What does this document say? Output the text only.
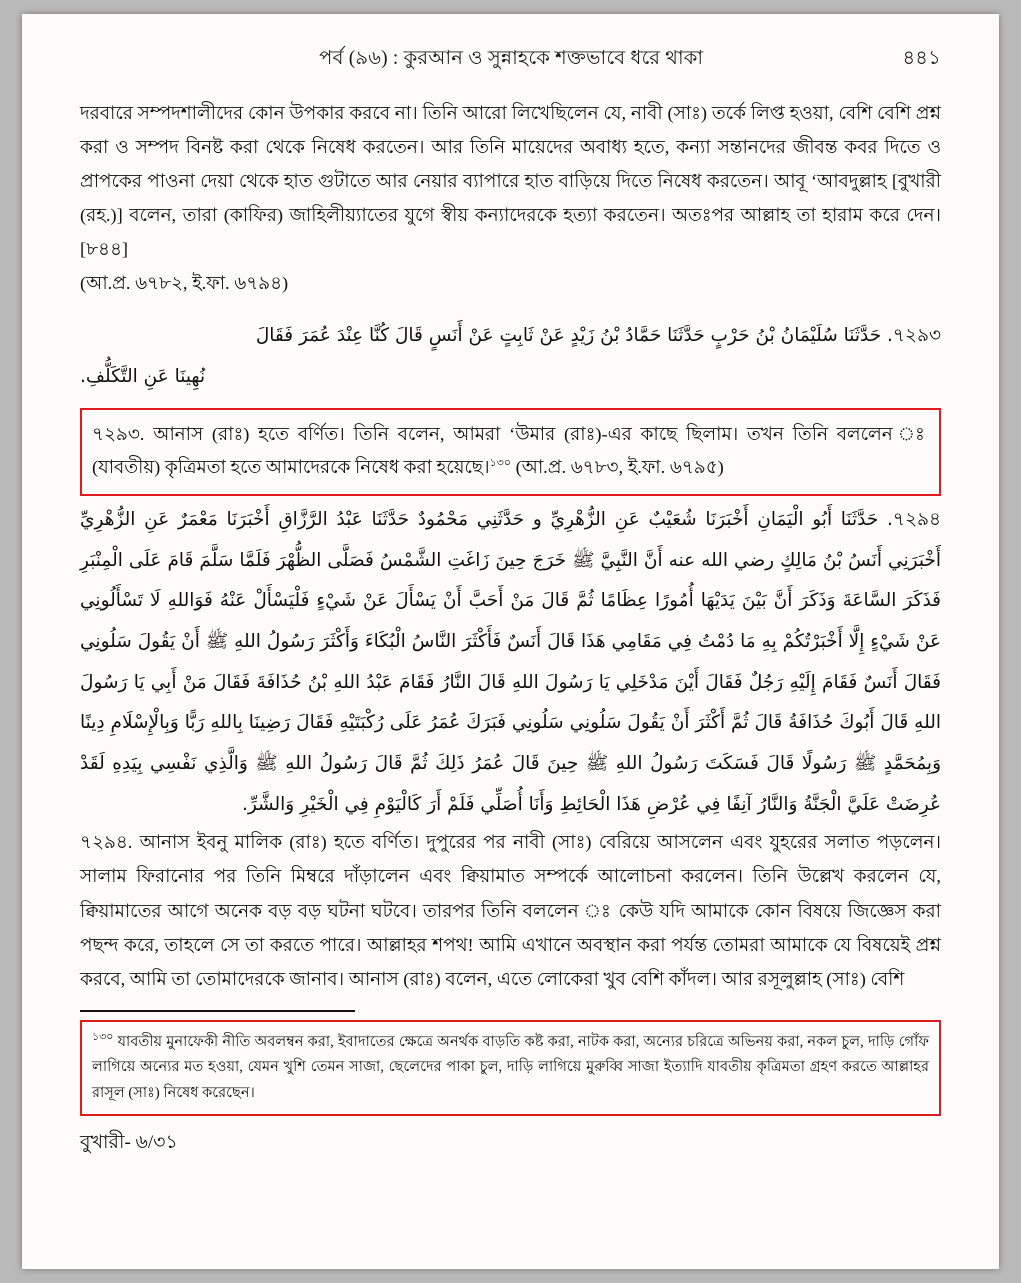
পর্ব (৯৬) : কুরআন ও সুন্নাহকে শক্তভাবে ধরে থাকা	৪৪১

দরবারে সম্পদশালীদের কোন উপকার করবে না। তিনি আরো লিখেছিলেন যে, নাবী (সাঃ) তর্কে লিপ্ত হওয়া, বেশি বেশি প্রশ্ন করা ও সম্পদ বিনষ্ট করা থেকে নিষেধ করতেন। আর তিনি মায়েদের অবাধ্য হতে, কন্যা সন্তানদের জীবন্ত কবর দিতে ও প্রাপকের পাওনা দেয়া থেকে হাত গুটাতে আর নেয়ার ব্যাপারে হাত বাড়িয়ে দিতে নিষেধ করতেন। আবূ ‘আবদুল্লাহ [বুখারী (রহ.)] বলেন, তারা (কাফির) জাহিলীয়্যাতের যুগে স্বীয় কন্যাদেরকে হত্যা করতেন। অতঃপর আল্লাহ তা হারাম করে দেন। [৮৪৪]

(আ.প্র. ৬৭৮২, ই.ফা. ৬৭৯৪)

৭২৯৩. حَدَّثَنَا سُلَيْمَانُ بْنُ حَرْبٍ حَدَّثَنَا حَمَّادُ بْنُ زَيْدٍ عَنْ ثَابِتٍ عَنْ أَنَسٍ قَالَ كُنَّا عِنْدَ عُمَرَ فَقَالَ

نُهِينَا عَنِ التَّكَلُّفِ.

৭২৯৩. আনাস (রাঃ) হতে বর্ণিত। তিনি বলেন, আমরা ‘উমার (রাঃ)-এর কাছে ছিলাম। তখন তিনি বললেন ঃ (যাবতীয়) কৃত্রিমতা হতে আমাদেরকে নিষেধ করা হয়েছে।$^{১৩০}$ (আ.প্র. ৬৭৮৩, ই.ফা. ৬৭৯৫)

৭২৯৪. حَدَّثَنَا أَبُو الْيَمَانِ أَخْبَرَنَا شُعَيْبٌ عَنِ الزُّهْرِيِّ و حَدَّثَنِي مَحْمُودٌ حَدَّثَنَا عَبْدُ الرَّزَّاقِ أَخْبَرَنَا مَعْمَرٌ عَنِ الزُّهْرِيِّ أَخْبَرَنِي أَنَسُ بْنُ مَالِكٍ رضي الله عنه أَنَّ النَّبِيَّ ﷺ خَرَجَ حِينَ زَاغَتِ الشَّمْسُ فَصَلَّى الظُّهْرَ فَلَمَّا سَلَّمَ قَامَ عَلَى الْمِنْبَرِ فَذَكَرَ السَّاعَةَ وَذَكَرَ أَنَّ بَيْنَ يَدَيْهَا أُمُورًا عِظَامًا ثُمَّ قَالَ مَنْ أَحَبَّ أَنْ يَسْأَلَ عَنْ شَيْءٍ فَلْيَسْأَلْ عَنْهُ فَوَاللهِ لَا تَسْأَلُونِي عَنْ شَيْءٍ إِلَّا أَخْبَرْتُكُمْ بِهِ مَا دُمْتُ فِي مَقَامِي هَذَا قَالَ أَنَسٌ فَأَكْثَرَ النَّاسُ الْبُكَاءَ وَأَكْثَرَ رَسُولُ اللهِ ﷺ أَنْ يَقُولَ سَلُونِي فَقَالَ أَنَسٌ فَقَامَ إِلَيْهِ رَجُلٌ فَقَالَ أَيْنَ مَدْخَلِي يَا رَسُولَ اللهِ قَالَ النَّارُ فَقَامَ عَبْدُ اللهِ بْنُ حُذَافَةَ فَقَالَ مَنْ أَبِي يَا رَسُولَ اللهِ قَالَ أَبُوكَ حُذَافَةُ قَالَ ثُمَّ أَكْثَرَ أَنْ يَقُولَ سَلُونِي سَلُونِي فَبَرَكَ عُمَرُ عَلَى رُكْبَتَيْهِ فَقَالَ رَضِينَا بِاللهِ رَبًّا وَبِالْإِسْلَامِ دِينًا وَبِمُحَمَّدٍ ﷺ رَسُولًا قَالَ فَسَكَتَ رَسُولُ اللهِ ﷺ حِينَ قَالَ عُمَرُ ذَلِكَ ثُمَّ قَالَ رَسُولُ اللهِ ﷺ وَالَّذِي نَفْسِي بِيَدِهِ لَقَدْ عُرِضَتْ عَلَيَّ الْجَنَّةُ وَالنَّارُ آنِفًا فِي عُرْضِ هَذَا الْحَائِطِ وَأَنَا أُصَلِّي فَلَمْ أَرَ كَالْيَوْمِ فِي الْخَيْرِ وَالشَّرِّ.

৭২৯৪. আনাস ইবনু মালিক (রাঃ) হতে বর্ণিত। দুপুরের পর নাবী (সাঃ) বেরিয়ে আসলেন এবং যুহরের সলাত পড়লেন। সালাম ফিরানোর পর তিনি মিম্বরে দাঁড়ালেন এবং ক্বিয়ামাত সম্পর্কে আলোচনা করলেন। তিনি উল্লেখ করলেন যে, ক্বিয়ামাতের আগে অনেক বড় বড় ঘটনা ঘটবে। তারপর তিনি বললেন ঃ কেউ যদি আমাকে কোন বিষয়ে জিজ্ঞেস করা পছন্দ করে, তাহলে সে তা করতে পারে। আল্লাহর শপথ! আমি এখানে অবস্থান করা পর্যন্ত তোমরা আমাকে যে বিষয়েই প্রশ্ন করবে, আমি তা তোমাদেরকে জানাব। আনাস (রাঃ) বলেন, এতে লোকেরা খুব বেশি কাঁদল। আর রসূলুল্লাহ (সাঃ) বেশি

$^{১৩০}$ যাবতীয় মুনাফেকী নীতি অবলম্বন করা, ইবাদাতের ক্ষেত্রে অনর্থক বাড়তি কষ্ট করা, নাটক করা, অন্যের চরিত্রে অভিনয় করা, নকল চুল, দাড়ি গোঁফ লাগিয়ে অন্যের মত হওয়া, যেমন খুশি তেমন সাজা, ছেলেদের পাকা চুল, দাড়ি লাগিয়ে মুরুব্বি সাজা ইত্যাদি যাবতীয় কৃত্রিমতা গ্রহণ করতে আল্লাহর রাসূল (সাঃ) নিষেধ করেছেন।

বুখারী- ৬/৩১
